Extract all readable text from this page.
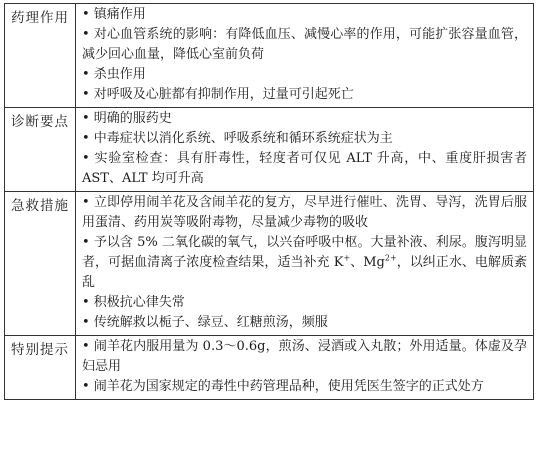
药理作用	• 镇痛作用
• 对心血管系统的影响：有降低血压、减慢心率的作用，可能扩张容量血管，减少回心血量，降低心室前负荷
• 杀虫作用
• 对呼吸及心脏都有抑制作用，过量可引起死亡

诊断要点	• 明确的服药史
• 中毒症状以消化系统、呼吸系统和循环系统症状为主
• 实验室检查：具有肝毒性，轻度者可仅见 ALT 升高，中、重度肝损害者 AST、ALT 均可升高

急救措施	• 立即停用闹羊花及含闹羊花的复方，尽早进行催吐、洗胃、导泻，洗胃后服用蛋清、药用炭等吸附毒物，尽量减少毒物的吸收
• 予以含 5% 二氧化碳的氧气，以兴奋呼吸中枢。大量补液、利尿。腹泻明显者，可据血清离子浓度检查结果，适当补充 K+、$Mg^{2+}$，以纠正水、电解质紊乱
• 积极抗心律失常
• 传统解救以栀子、绿豆、红糖煎汤，频服

特别提示	• 闹羊花内服用量为 0.3～0.6g，煎汤、浸酒或入丸散；外用适量。体虚及孕妇忌用
• 闹羊花为国家规定的毒性中药管理品种，使用凭医生签字的正式处方
